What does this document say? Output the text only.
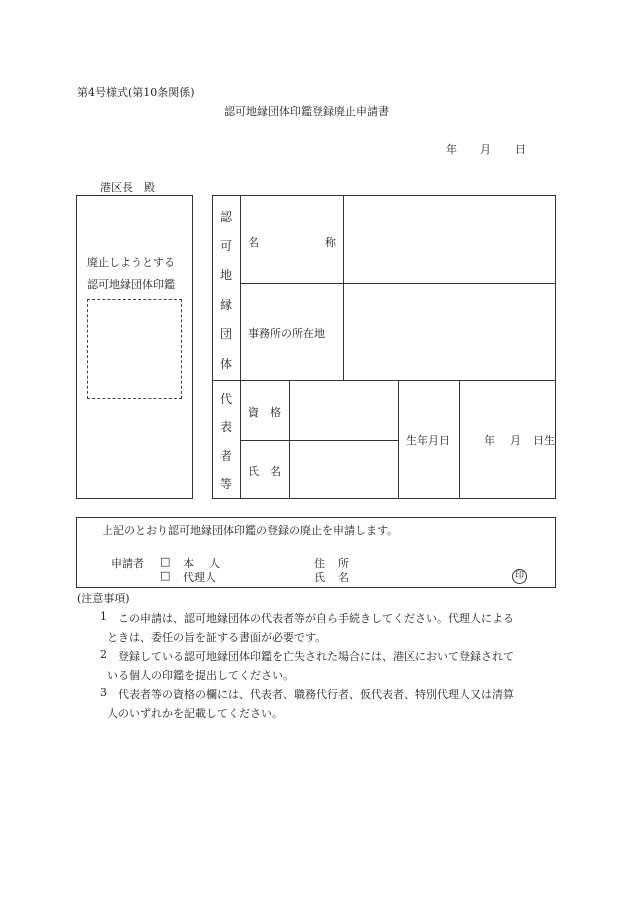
第4号様式(第10条関係)
認可地縁団体印鑑登録廃止申請書
年 月 日
港区長　殿
廃止しようとする
認可地縁団体印鑑
認
可
地
縁
団
体
名	称
事務所の所在地
代
表
者
等
資 格
氏 名
生年月日	年 月 日生
上記のとおり認可地縁団体印鑑の登録の廃止を申請します。
申請者 □ 本 人
□ 代理人
住 所
氏 名	印
(注意事項)
1 この申請は、認可地縁団体の代表者等が自ら手続きしてください。代理人による
ときは、委任の旨を証する書面が必要です。
2 登録している認可地縁団体印鑑を亡失された場合には、港区において登録されて
いる個人の印鑑を提出してください。
3 代表者等の資格の欄には、代表者、職務代行者、仮代表者、特別代理人又は清算
人のいずれかを記載してください。
